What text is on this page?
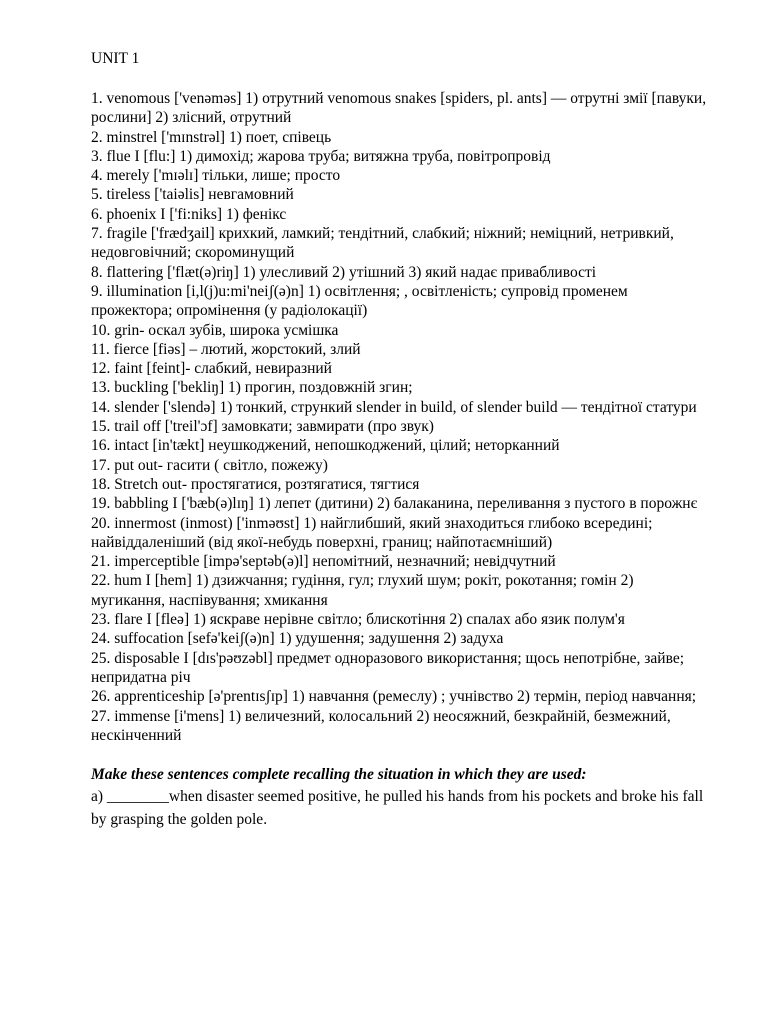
UNIT 1
1. venomous ['venəməs] 1) отрутний venomous snakes [spiders, pl. ants] — отрутні змії [павуки, рослини] 2) злісний, отрутний
2. minstrel ['mɪnstrəl] 1) поет, співець
3. flue I [flu:] 1) димохід; жарова труба; витяжна труба, повітропровід
4. merely ['mɪəlɪ] тільки, лише; просто
5. tireless ['taiəlis] невгамовний
6. phoenix I ['fi:niks] 1) фенікс
7. fragile ['frædʒail] крихкий, ламкий; тендітний, слабкий; ніжний; неміцний, нетривкий, недовговічний; скороминущий
8. flattering ['flæt(ə)riŋ] 1) улесливий 2) утішний 3) який надає привабливості
9. illumination [i,l(j)u:mi'neiʃ(ə)n] 1) освітлення; , освітленість; супровід променем прожектора; опромінення (у радіолокації)
10. grin- оскал зубів, широка усмішка
11. fierce [fiəs] – лютий, жорстокий, злий
12. faint [feint]- слабкий, невиразний
13. buckling ['bekliŋ] 1) прогин, поздовжній згин;
14. slender ['slendə] 1) тонкий, стрункий slender in build, of slender build — тендітної статури
15. trail off ['treil'ɔf] замовкати; завмирати (про звук)
16. intact [in'tækt] неушкоджений, непошкоджений, цілий; неторканний
17. put out- гасити ( світло, пожежу)
18. Stretch out- простягатися, розтягатися, тягтися
19. babbling I ['bæb(ə)lɪŋ] 1) лепет (дитини) 2) балаканина, переливання з пустого в порожнє
20. innermost (inmost) ['inməʊst] 1) найглибший, який знаходиться глибоко всередині; найвіддаленіший (від якої-небудь поверхні, границ; найпотаємніший)
21. imperceptible [impə'septəb(ə)l] непомітний, незначний; невідчутний
22. hum I [hem] 1) дзижчання; гудіння, гул; глухий шум; рокіт, рокотання; гомін 2) мугикання, наспівування; хмикання
23. flare I [fleə] 1) яскраве нерівне світло; блискотіння 2) спалах або язик полум'я
24. suffocation [sefə'keiʃ(ə)n] 1) удушення; задушення 2) задуха
25. disposable I [dɪs'pəʊzəbl] предмет одноразового використання; щось непотрібне, зайве; непридатна річ
26. apprenticeship [ə'prentɪsʃɪp] 1) навчання (ремеслу) ; учнівство 2) термін, період навчання;
27. immense [i'mens] 1) величезний, колосальний 2) неосяжний, безкрайній, безмежний, нескінченний
Make these sentences complete recalling the situation in which they are used:

a) ________when disaster seemed positive, he pulled his hands from his pockets and broke his fall by grasping the golden pole.
